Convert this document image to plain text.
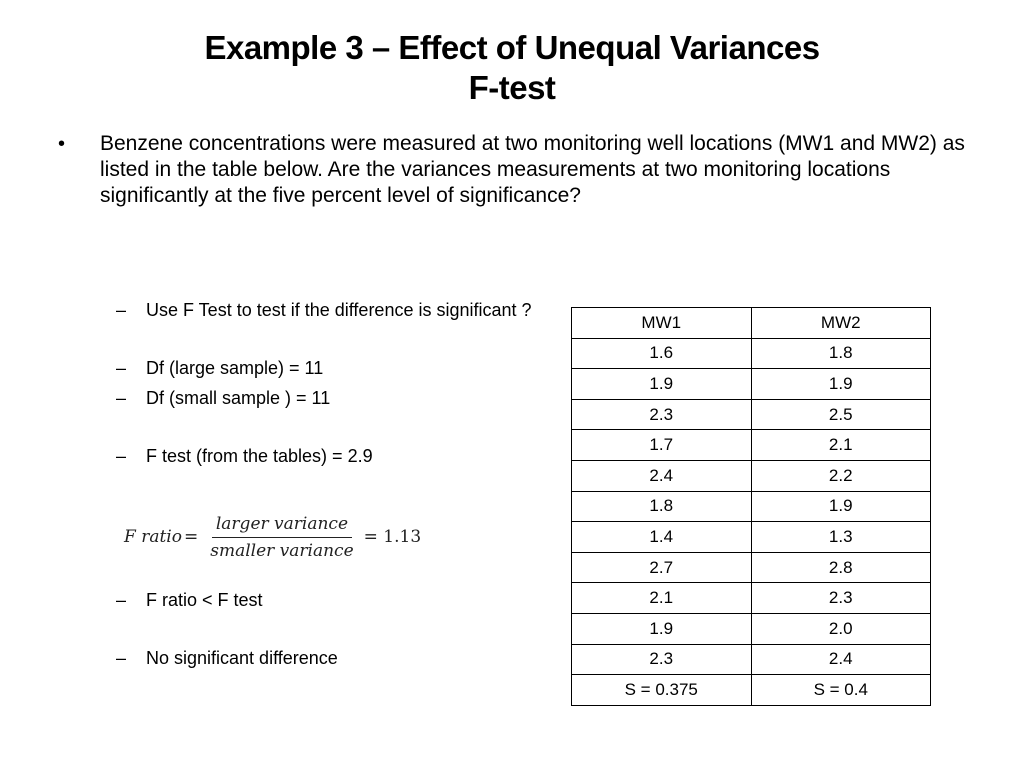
Example 3 – Effect of Unequal Variances
F-test
•	Benzene concentrations were measured at two monitoring well locations (MW1 and MW2) as listed in the table below. Are the variances measurements at two monitoring locations significantly at the five percent level of significance?
–	Use F Test to test if the difference is significant ?
–	Df (large sample) = 11
–	Df (small sample ) = 11
–	F test (from the tables) = 2.9
F ratio = $\frac{\text{larger variance}}{\text{smaller variance}} = 1.13$
–	F ratio < F test
–	No significant difference
MW1	MW2
1.6	1.8
1.9	1.9
2.3	2.5
1.7	2.1
2.4	2.2
1.8	1.9
1.4	1.3
2.7	2.8
2.1	2.3
1.9	2.0
2.3	2.4
S = 0.375	S = 0.4
